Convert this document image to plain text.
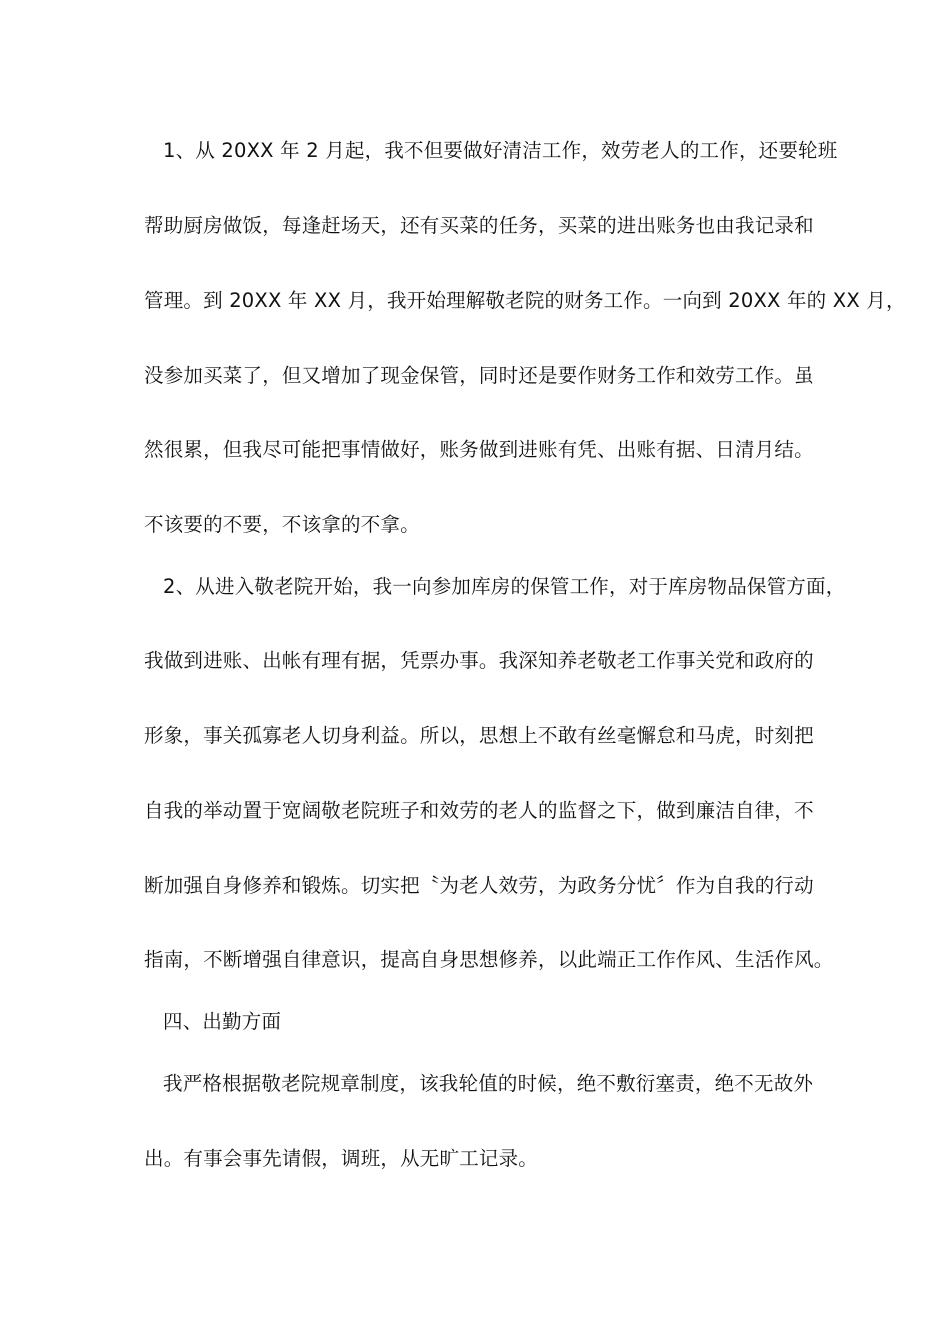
1、从 20XX 年 2 月起，我不但要做好清洁工作，效劳老人的工作，还要轮班
帮助厨房做饭，每逢赶场天，还有买菜的任务，买菜的进出账务也由我记录和
管理。到 20XX 年 XX 月，我开始理解敬老院的财务工作。一向到 20XX 年的 XX 月，
没参加买菜了，但又增加了现金保管，同时还是要作财务工作和效劳工作。虽
然很累，但我尽可能把事情做好，账务做到进账有凭、出账有据、日清月结。
不该要的不要，不该拿的不拿。
2、从进入敬老院开始，我一向参加库房的保管工作，对于库房物品保管方面，
我做到进账、出帐有理有据，凭票办事。我深知养老敬老工作事关党和政府的
形象，事关孤寡老人切身利益。所以，思想上不敢有丝毫懈怠和马虎，时刻把
自我的举动置于宽阔敬老院班子和效劳的老人的监督之下，做到廉洁自律，不
断加强自身修养和锻炼。切实把〝为老人效劳，为政务分忧〞作为自我的行动
指南，不断增强自律意识，提高自身思想修养，以此端正工作作风、生活作风。
四、出勤方面
我严格根据敬老院规章制度，该我轮值的时候，绝不敷衍塞责，绝不无故外
出。有事会事先请假，调班，从无旷工记录。
